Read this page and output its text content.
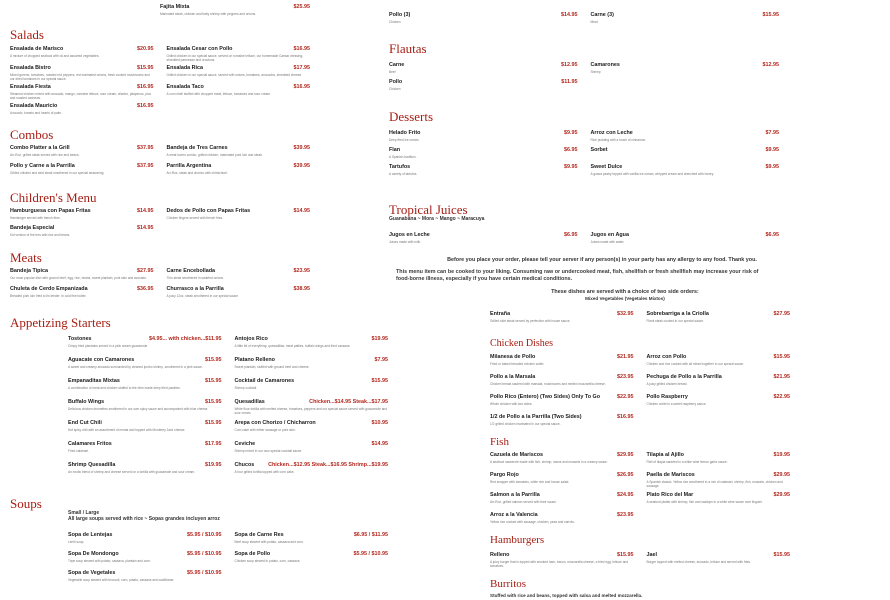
Salads
Fajita Mixta	$25.95
Marinated steak, chicken and baby shrimp with peppers and onions.
Ensalada de Marisco	$20.95
A mixture of chopped seafood with oil and assorted vegetables.
Ensalada Cesar con Pollo	$16.95
Grilled chicken in our special sauce, served on romaine lettuce, our homemade Caesar dressing, shredded parmesan and croutons.
Ensalada Bistro	$15.95
Mixed greens, tomatoes, roasted red peppers, red marinated onions, fresh cooked mushrooms and our dried tomatoes in our special sauce.
Ensalada Rica	$17.95
Grilled chicken in our special sauce, served with onions, tomatoes, avocados, shredded cheese.
Ensalada Fiesta	$16.95
Steamed chicken mixed with avocado, mango, romaine lettuce, sour cream, cilantro, jalapenos, pico and roasted cashews.
Ensalada Taco	$16.95
A corn shell stuffed with chopped meat, lettuce, tomatoes and sour cream.
Ensalada Mauricio	$16.95
Avocado, tomato and hearts of palm.
Combos
Combo Platter a la Grill	$37.95
Arr-Roz, grilled steak served with rice and beans.
Bandeja de Tres Carnes	$39.95
A meat lovers combo, grilled chicken, marinated pork loin and steak.
Pollo y Carne a la Parrilla	$37.95
Grilled chicken and skirt steak smothered in our special seasoning.
Parrilla Argentina	$39.95
Arr-Roz, steak and chorizo with chimichurri.
Children's Menu
Hamburguesa con Papas Fritas	$14.95
Hamburger served with french fries.
Dedos de Pollo con Papas Fritas	$14.95
Chicken fingers served with french fries.
Bandeja Especial	$14.95
Kid version of the tres with rice and beans.
Meats
Bandeja Tipica	$27.95
Our most popular dish with ground beef, egg, rice, beans, sweet plantain, pork skin and avocado.
Carne Encebollada	$23.95
Thin steak smothered in sautéed onions.
Chuleta de Cerdo Empanizada	$36.95
Breaded pork loin fried to its tender. In cold fine butter.
Churrasco a la Parrilla	$38.95
A juicy 12oz. steak smothered in our special sauce.
Appetizing Starters
Tostones	$4.95... with chicken...$11.95
Crispy fried plantains served in a pink cream guacamole.
Antojos Rico	$19.95
A little bit of everything: quesadillas, meat patties, buffalo wings and fried cassava.
Aguacate con Camarones	$15.95
A sweet and creamy avocado surrounded by cleaned jumbo shrimp, smothered in a pink sauce.
Platano Relleno	$7.95
Sweet plantain, stuffed with ground beef and cheese.
Empanaditas Mixtas	$15.95
A combination of meat and chicken stuffed to the brim made deep fried pastries.
Cocktail de Camarones	$15.95
Shrimp cocktail.
Buffalo Wings	$15.95
Delicious chicken drumettes smothered in our own spicy sauce and accompanied with blue cheese.
Quesadillas	Chicken...$14.95 Steak...$17.95
White flour tortilla with melted cheese, tomatoes, peppers and our special sauce served with guacamole and sour cream.
End Cut Chili	$15.95
Hot spicy chili with an assortment of meats and topped with Monterey Jack cheese.
Arepa con Chorizo / Chicharron	$10.95
Corn cake with either sausage or pork skin.
Calamares Fritos	$17.95
Fried calamari.
Ceviche	$14.95
Shrimp mixed in our own special cocktail sauce.
Shrimp Quesadilla	$19.95
An exotic blend of shrimp and cheese served on a tortilla with guacamole and sour cream.
Chucos	Chicken...$12.95 Steak...$16.95 Shrimp...$19.95
A four grilled tortilla topped with corn cake.
Soups
Small / Large
All large soups served with rice ~ Sopas grandes incluyen arroz
Sopa de Lentejas	$5.95 / $10.95
Lentil soup.
Sopa de Carne Res	$6.95 / $11.95
Beef soup stewed with potato, cassava and corn.
Sopa De Mondongo	$5.95 / $10.95
Tripe soup stewed with potato, cassava, plantain and corn.
Sopa de Pollo	$5.95 / $10.95
Chicken soup stewed in potato, corn, cassava.
Sopa de Vegetales	$5.95 / $10.95
Vegetable soup stewed with broccoli, corn, potato, cassava and cauliflower.
Pollo (3)	$14.95
Chicken
Carne (3)	$15.95
Meat
Flautas
Carne	$12.95
Beef
Camarones	$12.95
Shrimp
Pollo	$11.95
Chicken
Desserts
Helado Frito	$9.95
Deep fried ice cream.
Arroz con Leche	$7.95
Rice pudding with a touch of cinnamon.
Flan	$6.95
A Spanish tradition.
Sorbet	$9.95
Tartufos	$9.95
A variety of tartufos.
Sweet Dulce	$9.95
A guava pastry topped with vanilla ice cream, whipped cream and drenched with honey.
Tropical Juices
Guanabana ~ Mora ~ Mango ~ Maracuya
Jugos en Leche	$6.95
Juices made with milk.
Jugos en Agua	$6.95
Juices made with water.
Before you place your order, please tell your server if any person(s) in your party has any allergy to any food. Thank you.
This menu item can be cooked to your liking. Consuming raw or undercooked meat, fish, shellfish or fresh shellfish may increase your risk of food-borne illness, especially if you have certain medical conditions.
These dishes are served with a choice of two side orders:
Mixed Vegetables (Vegetales Mixtos)
Entraña	$32.95
Grilled skirt steak served by perfection with house sauce.
Sobrebarriga a la Criolla	$27.95
Flank steak cooked in our special sauce.
Chicken Dishes
Milanesa de Pollo	$21.95
Fried or baked breaded chicken cutlet.
Arroz con Pollo	$15.95
Chicken and rice cooked with all mixed together in our special sauce.
Pollo a la Marsala	$23.95
Chicken breast sautéed with marsala, mushrooms and melted mozzarella cheese.
Pechuga de Pollo a la Parrilla	$21.95
A juicy grilled chicken breast.
Pollo Rico (Entero) (Two Sides) Only To Go	$22.95
Whole chicken with two sides.
Pollo Raspberry	$22.95
Chicken cutlet in a sweet raspberry sauce.
1/2 de Pollo a la Parrilla (Two Sides)	$16.95
1/2 grilled chicken marinated in our special sauce.
Fish
Cazuela de Mariscos	$29.95
A seafood casserole made with fish, shrimp, clams and mussels in a creamy sauce.
Tilapia al Ajillo	$19.95
Filet of tilapia sautéed in a white wine lemon garlic sauce.
Pargo Rojo	$26.95
Red snapper with tomatoes, white rice and house salad.
Paella de Mariscos	$29.95
A Spanish classic. Yellow rice smothered in a mix of calamari, shrimp, fish, mussels, chicken and sausage.
Salmon a la Parrilla	$24.95
Arr-Roz, grilled salmon served with their sauce.
Plato Rico del Mar	$29.95
A seafood platter with shrimp, fish and scallops in a white wine sauce over linguini.
Arroz a la Valencia	$23.95
Yellow rice cooked with sausage, chicken, peas and carrots.
Hamburgers
Relleno	$15.95
A juicy burger that is topped with smoked ham, bacon, mozzarella cheese, a fried egg, lettuce and tomatoes.
Jael	$15.95
Burger topped with melted cheese, avocado, lettuce and served with fries.
Burritos
Stuffed with rice and beans, topped with salsa and melted mozzarella.
